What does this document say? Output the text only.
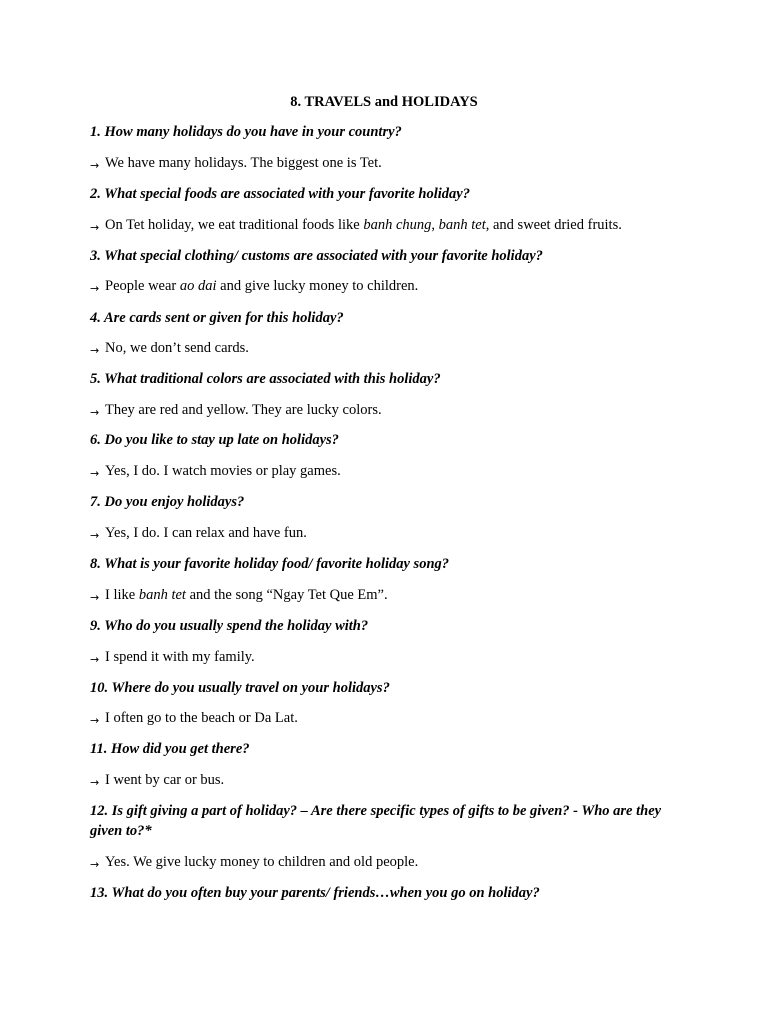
8. TRAVELS and HOLIDAYS

1. How many holidays do you have in your country?

→ We have many holidays. The biggest one is Tet.

2. What special foods are associated with your favorite holiday?

→ On Tet holiday, we eat traditional foods like banh chung, banh tet, and sweet dried fruits.

3. What special clothing/ customs are associated with your favorite holiday?

→ People wear ao dai and give lucky money to children.

4. Are cards sent or given for this holiday?

→ No, we don’t send cards.

5. What traditional colors are associated with this holiday?

→ They are red and yellow. They are lucky colors.

6. Do you like to stay up late on holidays?

→ Yes, I do. I watch movies or play games.

7. Do you enjoy holidays?

→ Yes, I do. I can relax and have fun.

8. What is your favorite holiday food/ favorite holiday song?

→ I like banh tet and the song “Ngay Tet Que Em”.

9. Who do you usually spend the holiday with?

→ I spend it with my family.

10. Where do you usually travel on your holidays?

→ I often go to the beach or Da Lat.

11. How did you get there?

→ I went by car or bus.

12. Is gift giving a part of holiday? – Are there specific types of gifts to be given? - Who are they given to?*

→ Yes. We give lucky money to children and old people.

13. What do you often buy your parents/ friends…when you go on holiday?
